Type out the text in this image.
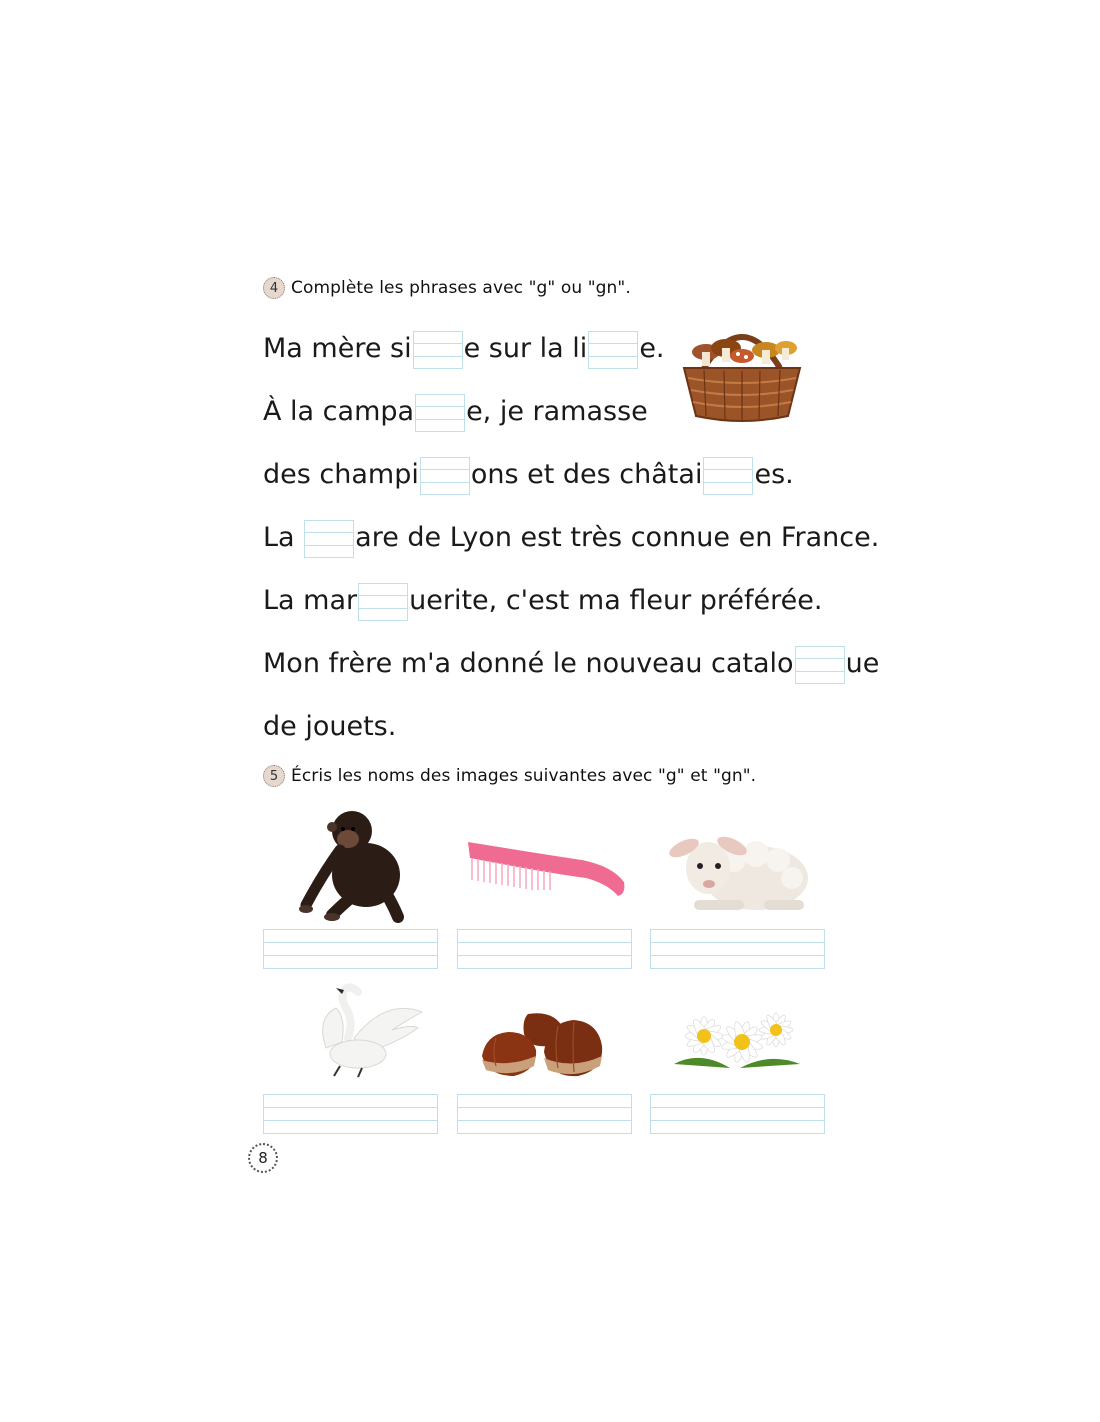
4 Complète les phrases avec "g" ou "gn".
Ma mère si e sur la li e.
À la campa e, je ramasse
des champi ons et des châtai es.
La are de Lyon est très connue en France.
La mar uerite, c'est ma fleur préférée.
Mon frère m'a donné le nouveau catalo ue
de jouets.
5 Écris les noms des images suivantes avec "g" et "gn".
8
